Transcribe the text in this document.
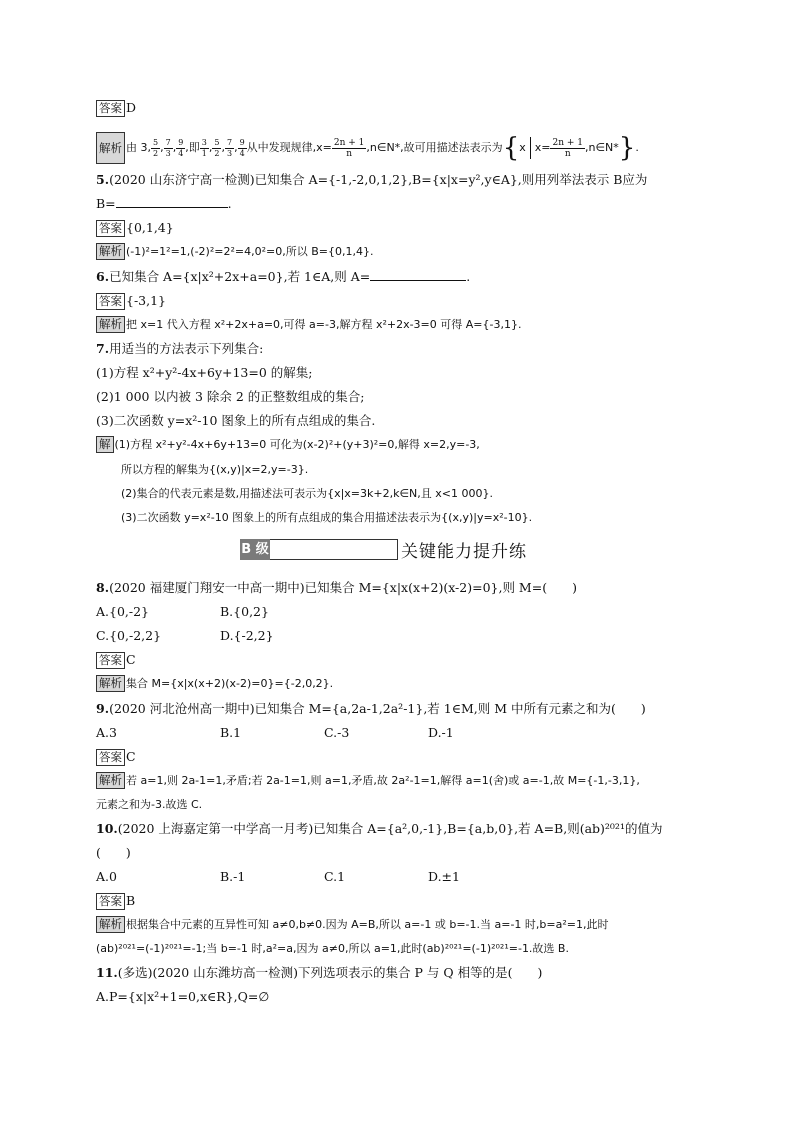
答案 D
解析 由 3, $\frac{5}{2}$ , $\frac{7}{3}$ , $\frac{9}{4}$ ,即 $\frac{3}{1}$ , $\frac{5}{2}$ , $\frac{7}{3}$ , $\frac{9}{4}$ 从中发现规律$,x= \frac{2n + 1}{n}$ ,n∈N*,故可用描述法表示为 { x $x= \frac{2n + 1}{n}$ ,n∈N* } .
5.(2020 山东济宁高一检测)已知集合 A={-1,-2,0,1,2},B={x|x=y²,y∈A},则用列举法表示 B应为
B=	.
答案 {0,1,4}
解析 (-1)²=1²=1,(-2)²=2²=4,0²=0,所以 B={0,1,4}.
6.已知集合 A={x|x²+2x+a=0},若 1∈A,则 A=	.
答案 {-3,1}
解析 把 x=1 代入方程 x²+2x+a=0,可得 a=-3,解方程 x²+2x-3=0 可得 A={-3,1}.
7.用适当的方法表示下列集合:
(1)方程 x²+y²-4x+6y+13=0 的解集;
(2)1 000 以内被 3 除余 2 的正整数组成的集合;
(3)二次函数 y=x²-10 图象上的所有点组成的集合.
解 (1)方程 x²+y²-4x+6y+13=0 可化为(x-2)²+(y+3)²=0,解得 x=2,y=-3,
所以方程的解集为{(x,y)|x=2,y=-3}.
(2)集合的代表元素是数,用描述法可表示为{x|x=3k+2,k∈N,且 x<1 000}.
(3)二次函数 y=x²-10 图象上的所有点组成的集合用描述法表示为{(x,y)|y=x²-10}.
B 级	关键能力提升练
8.(2020 福建厦门翔安一中高一期中)已知集合 M={x|x(x+2)(x-2)=0},则 M=(　　)
A.{0,-2}	B.{0,2}
C.{0,-2,2}	D.{-2,2}
答案 C
解析 集合 M={x|x(x+2)(x-2)=0}={-2,0,2}.
9.(2020 河北沧州高一期中)已知集合 M={a,2a-1,2a²-1},若 1∈M,则 M 中所有元素之和为(　　)
A.3	B.1	C.-3	D.-1
答案 C
解析 若 a=1,则 2a-1=1,矛盾;若 2a-1=1,则 a=1,矛盾,故 2a²-1=1,解得 a=1(舍)或 a=-1,故 M={-1,-3,1},
元素之和为-3.故选 C.
10.(2020 上海嘉定第一中学高一月考)已知集合 A={a²,0,-1},B={a,b,0},若 A=B,则(ab)²⁰²¹的值为
(　　)
A.0	B.-1	C.1	D.±1
答案 B
解析 根据集合中元素的互异性可知 a≠0,b≠0.因为 A=B,所以 a=-1 或 b=-1.当 a=-1 时,b=a²=1,此时
(ab)²⁰²¹=(-1)²⁰²¹=-1;当 b=-1 时,a²=a,因为 a≠0,所以 a=1,此时(ab)²⁰²¹=(-1)²⁰²¹=-1.故选 B.
11.(多选)(2020 山东潍坊高一检测)下列选项表示的集合 P 与 Q 相等的是(　　)
A.P={x|x²+1=0,x∈R},Q=∅
